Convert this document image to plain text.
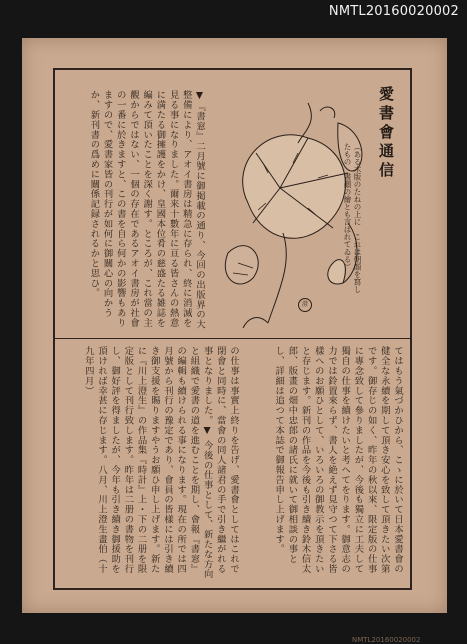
NMTL20160020002
愛書會通信
▼『書窓』二月號に御掲載の通り、今回の出版界の大整備により、アオイ書房は精急に存られ、終に消滅を見る事になりました。爾来十數年に亘る皆さんの熱意に満たる御擁護をかけ、皇國本位肴の慈盛たる雑誌を編みて頂いたことを深く謝す。ところが、これ當の主觀からではない、一個の存在であるアオイ書房が社會の一番に於きますと、この書を自ら何かの影響もありますので、愛書家皆の刊行が如何に御關心の向かうか、新刊書の爲めに關係記録されるかと思ひ。	（ある木版のたねの上に　これは朝顏を寫したもの　晝顏の繪とも言はれてゐる）
澄
てはもう氣づかひから、こゝに於いて日本愛書會の健全な永續を期して頂き安心を致して頂きたい次第です。御存じの如く、昨年の秋以來、限定版の仕事に專念致して參りましたが、今後も獨立に工夫して獨自の仕事を續けたいと考へてをります。御意志の力では鈴置來らず、書人を絶えず見守つて下さる皆樣へのお願ひとして、いろいろの御教示を頂きたいと存じます。新刊の作品を今後も引き續き鈴木信太郎、版畫の畑中忠郎の諸氏に就いて御相談の事とし、詳細は追つて本誌で御報告申し上げます。
の仕事は事實上終りを告げ、愛書會としてはこれで閉會と同時に、當會の同人諸君の手で引き繼がれる事となりました。▼ 今後の仕事として、新たな方向と組織で愛書の道を進むことを期し、會報『書窓』の編輯も續けられる事になります。現在の所では四月號から刊行の豫定であり、會員の皆樣には引き續き御支援を賜りますやうお願ひ申し上げます。新たに『川上澄生』の作品集『時計』上・下の二册を限定版として刊行致します。昨年は二册の書物を刊行し、御好評を得ましたが、今年も引き續き御援助を頂ければ幸甚に存じます。八月、川上澄生畫伯（十九年四月）
NMTL20160020002
